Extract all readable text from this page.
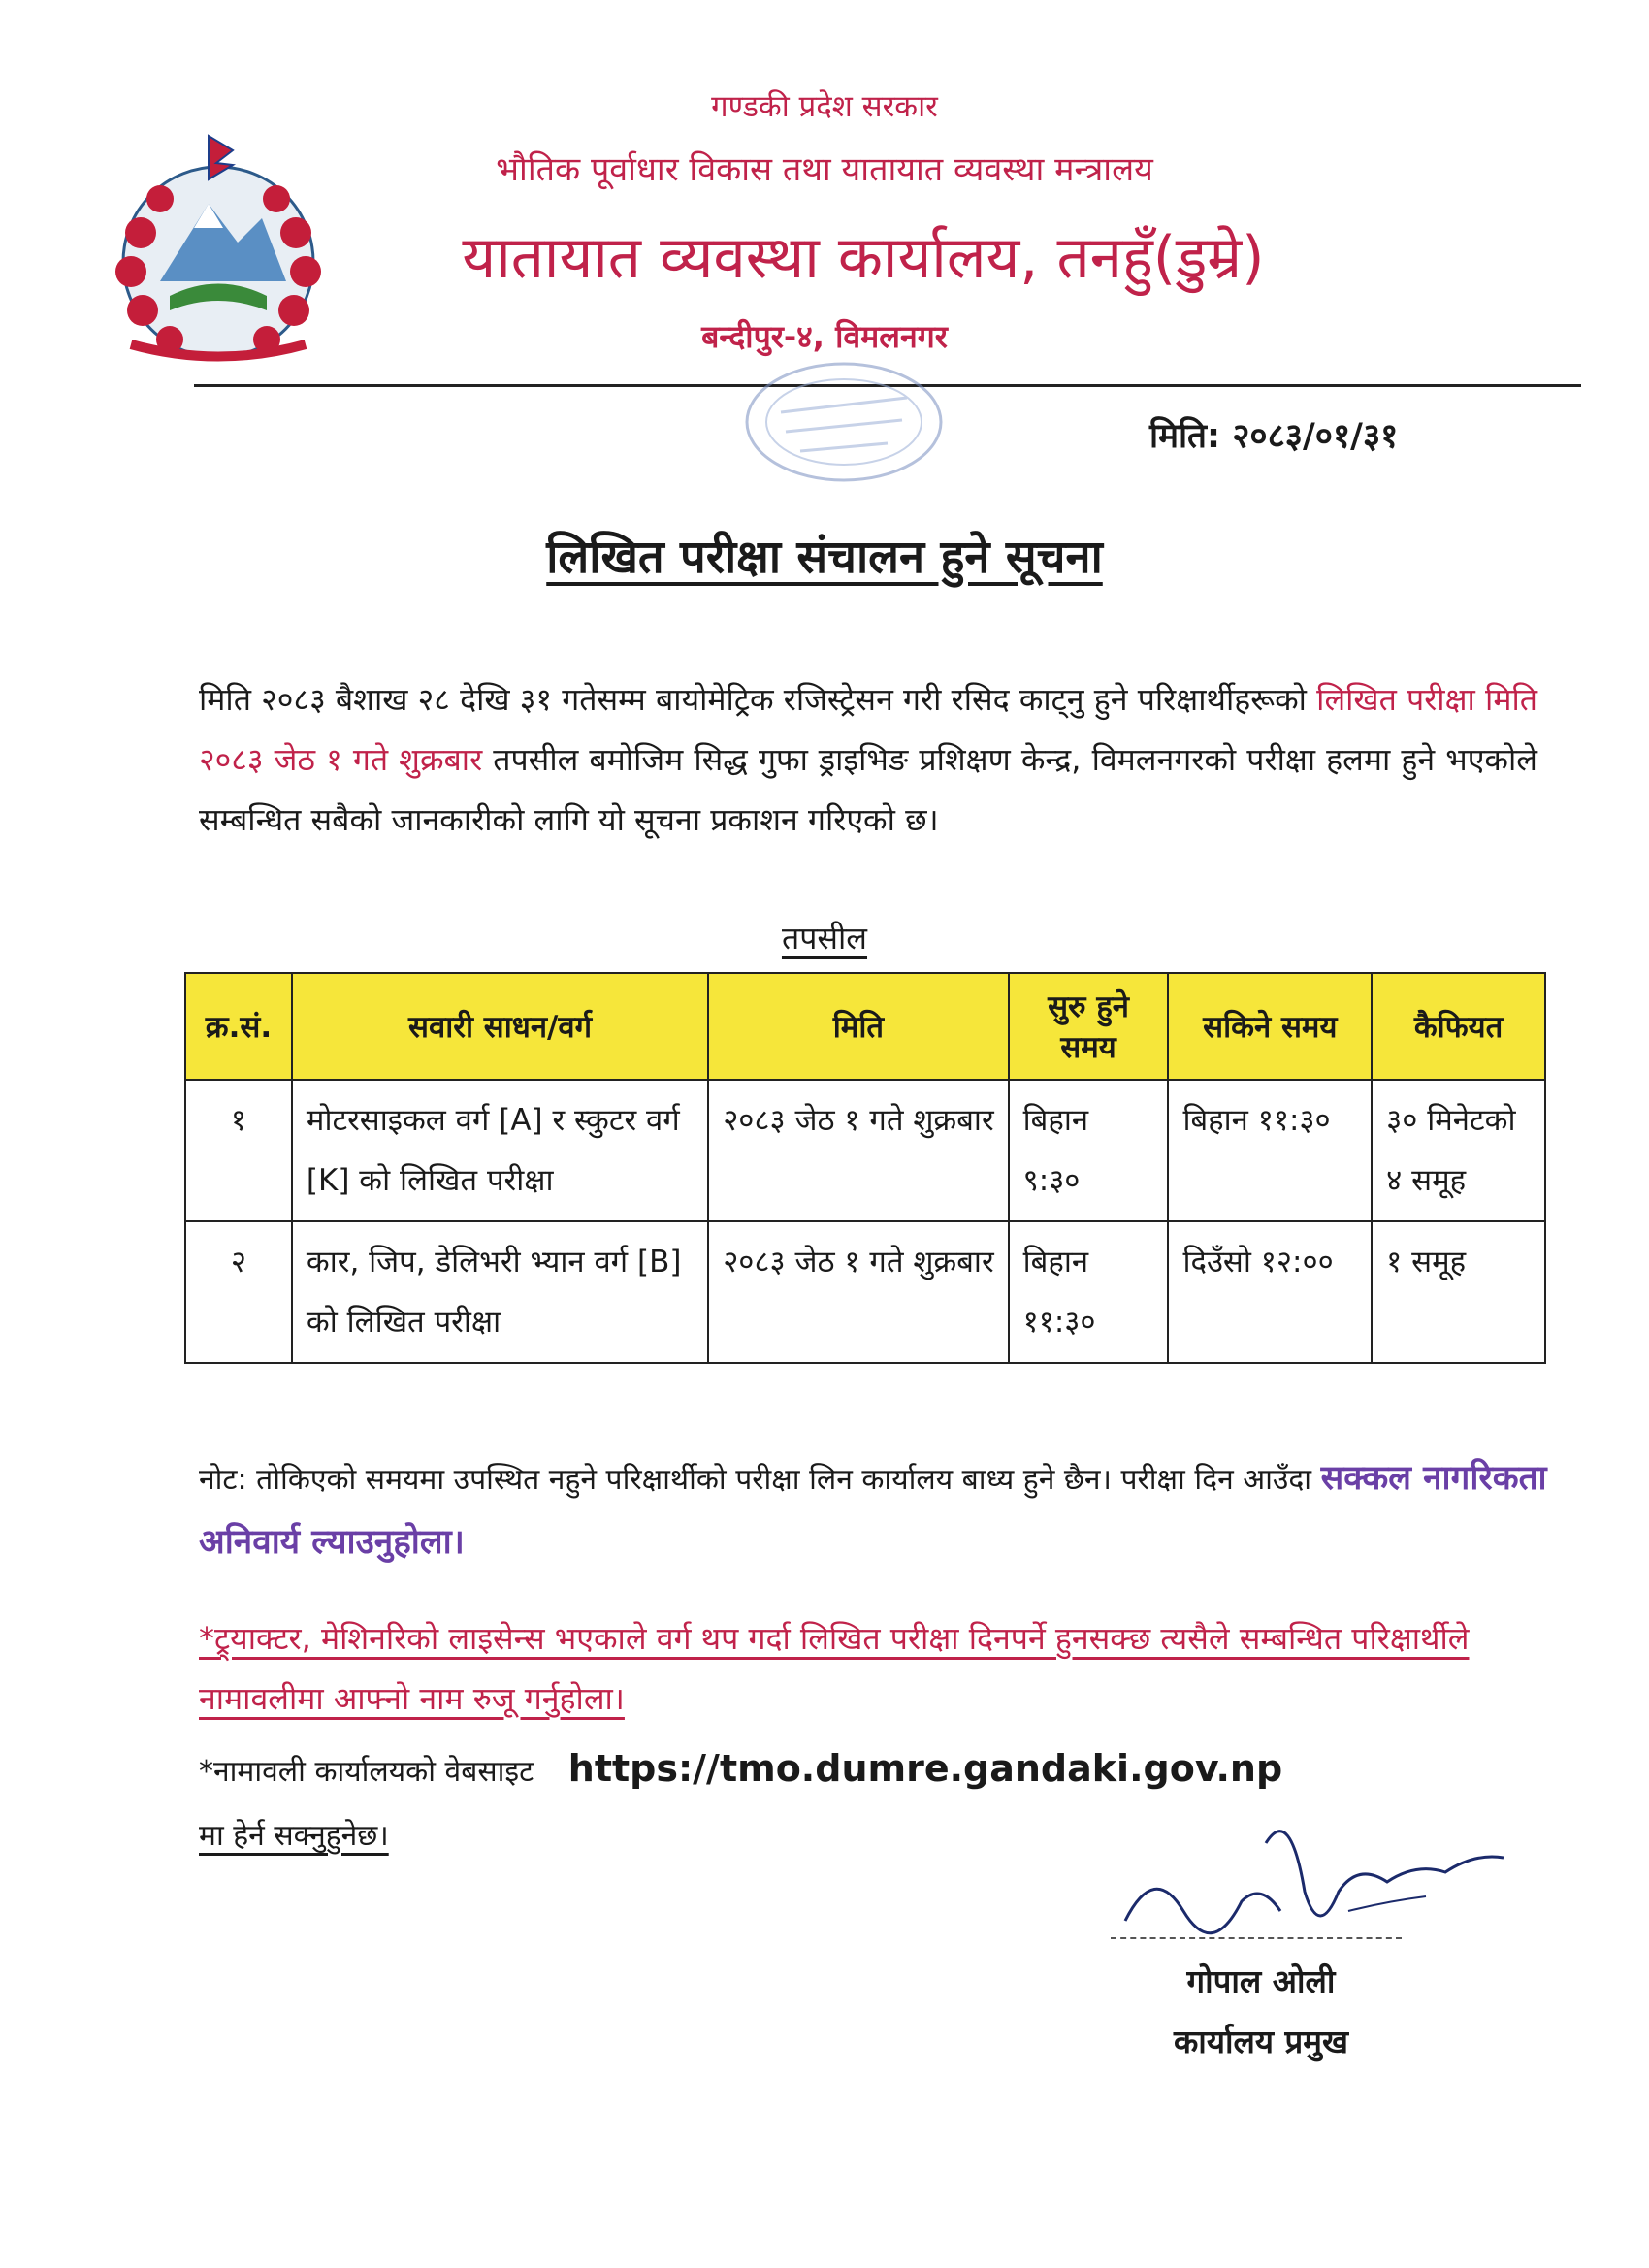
गण्डकी प्रदेश सरकार
भौतिक पूर्वाधार विकास तथा यातायात व्यवस्था मन्त्रालय
यातायात व्यवस्था कार्यालय, तनहुँ(डुम्रे)
बन्दीपुर-४, विमलनगर
मिति: २०८३/०१/३१
लिखित परीक्षा संचालन हुने सूचना
मिति २०८३ बैशाख २८ देखि ३१ गतेसम्म बायोमेट्रिक रजिस्ट्रेसन गरी रसिद काट्नु हुने परिक्षार्थीहरूको लिखित परीक्षा मिति २०८३ जेठ १ गते शुक्रबार तपसील बमोजिम सिद्ध गुफा ड्राइभिङ प्रशिक्षण केन्द्र, विमलनगरको परीक्षा हलमा हुने भएकोले सम्बन्धित सबैको जानकारीको लागि यो सूचना प्रकाशन गरिएको छ।
तपसील
क्र.सं.	सवारी साधन/वर्ग	मिति	सुरु हुने समय	सकिने समय	कैफियत
१	मोटरसाइकल वर्ग [A] र स्कुटर वर्ग [K] को लिखित परीक्षा	२०८३ जेठ १ गते शुक्रबार	बिहान ९:३०	बिहान ११:३०	३० मिनेटको ४ समूह
२	कार, जिप, डेलिभरी भ्यान वर्ग [B] को लिखित परीक्षा	२०८३ जेठ १ गते शुक्रबार	बिहान ११:३०	दिउँसो १२:००	१ समूह
नोट: तोकिएको समयमा उपस्थित नहुने परिक्षार्थीको परीक्षा लिन कार्यालय बाध्य हुने छैन। परीक्षा दिन आउँदा सक्कल नागरिकता अनिवार्य ल्याउनुहोला।
*ट्र्याक्टर, मेशिनरिको लाइसेन्स भएकाले वर्ग थप गर्दा लिखित परीक्षा दिनपर्ने हुनसक्छ त्यसैले सम्बन्धित परिक्षार्थीले नामावलीमा आफ्नो नाम रुजू गर्नुहोला।
*नामावली कार्यालयको वेबसाइट https://tmo.dumre.gandaki.gov.np
मा हेर्न सक्नुहुनेछ।
गोपाल ओली
कार्यालय प्रमुख
